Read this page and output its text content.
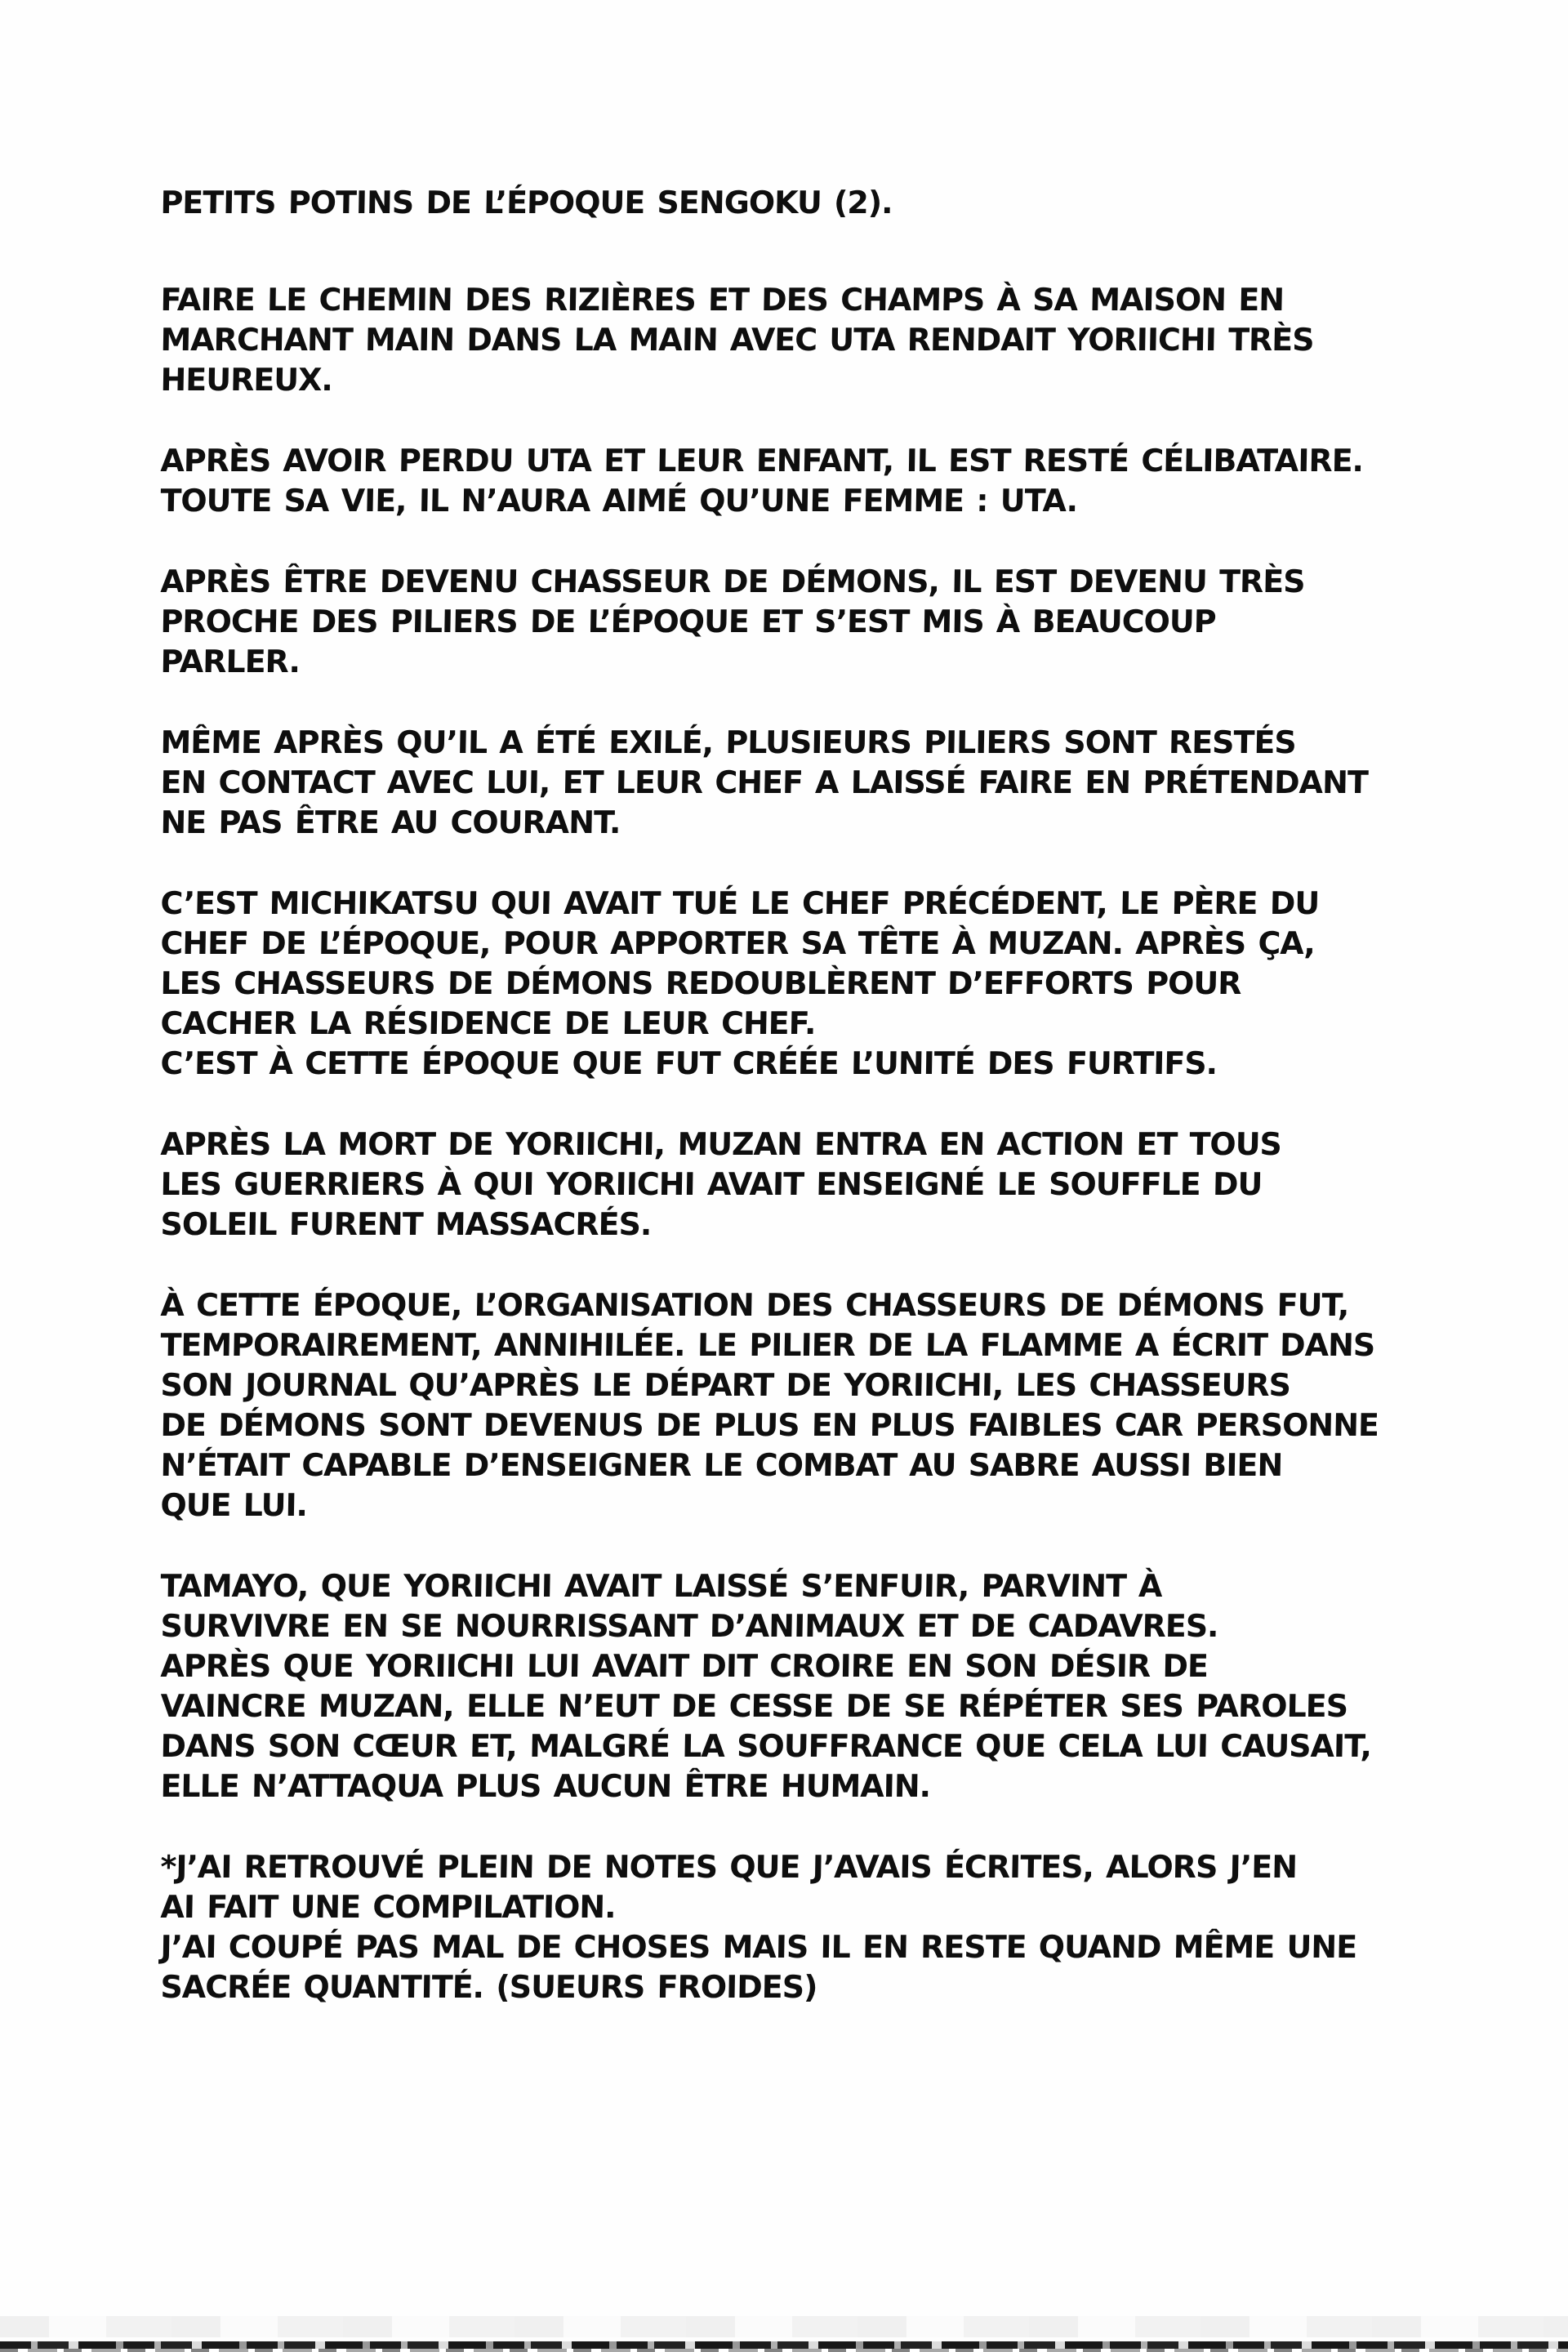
PETITS POTINS DE L’ÉPOQUE SENGOKU (2).
FAIRE LE CHEMIN DES RIZIÈRES ET DES CHAMPS À SA MAISON EN
MARCHANT MAIN DANS LA MAIN AVEC UTA RENDAIT YORIICHI TRÈS
HEUREUX.
APRÈS AVOIR PERDU UTA ET LEUR ENFANT, IL EST RESTÉ CÉLIBATAIRE.
TOUTE SA VIE, IL N’AURA AIMÉ QU’UNE FEMME : UTA.
APRÈS ÊTRE DEVENU CHASSEUR DE DÉMONS, IL EST DEVENU TRÈS
PROCHE DES PILIERS DE L’ÉPOQUE ET S’EST MIS À BEAUCOUP
PARLER.
MÊME APRÈS QU’IL A ÉTÉ EXILÉ, PLUSIEURS PILIERS SONT RESTÉS
EN CONTACT AVEC LUI, ET LEUR CHEF A LAISSÉ FAIRE EN PRÉTENDANT
NE PAS ÊTRE AU COURANT.
C’EST MICHIKATSU QUI AVAIT TUÉ LE CHEF PRÉCÉDENT, LE PÈRE DU
CHEF DE L’ÉPOQUE, POUR APPORTER SA TÊTE À MUZAN. APRÈS ÇA,
LES CHASSEURS DE DÉMONS REDOUBLÈRENT D’EFFORTS POUR
CACHER LA RÉSIDENCE DE LEUR CHEF.
C’EST À CETTE ÉPOQUE QUE FUT CRÉÉE L’UNITÉ DES FURTIFS.
APRÈS LA MORT DE YORIICHI, MUZAN ENTRA EN ACTION ET TOUS
LES GUERRIERS À QUI YORIICHI AVAIT ENSEIGNÉ LE SOUFFLE DU
SOLEIL FURENT MASSACRÉS.
À CETTE ÉPOQUE, L’ORGANISATION DES CHASSEURS DE DÉMONS FUT,
TEMPORAIREMENT, ANNIHILÉE. LE PILIER DE LA FLAMME A ÉCRIT DANS
SON JOURNAL QU’APRÈS LE DÉPART DE YORIICHI, LES CHASSEURS
DE DÉMONS SONT DEVENUS DE PLUS EN PLUS FAIBLES CAR PERSONNE
N’ÉTAIT CAPABLE D’ENSEIGNER LE COMBAT AU SABRE AUSSI BIEN
QUE LUI.
TAMAYO, QUE YORIICHI AVAIT LAISSÉ S’ENFUIR, PARVINT À
SURVIVRE EN SE NOURRISSANT D’ANIMAUX ET DE CADAVRES.
APRÈS QUE YORIICHI LUI AVAIT DIT CROIRE EN SON DÉSIR DE
VAINCRE MUZAN, ELLE N’EUT DE CESSE DE SE RÉPÉTER SES PAROLES
DANS SON CŒUR ET, MALGRÉ LA SOUFFRANCE QUE CELA LUI CAUSAIT,
ELLE N’ATTAQUA PLUS AUCUN ÊTRE HUMAIN.
*J’AI RETROUVÉ PLEIN DE NOTES QUE J’AVAIS ÉCRITES, ALORS J’EN
AI FAIT UNE COMPILATION.
J’AI COUPÉ PAS MAL DE CHOSES MAIS IL EN RESTE QUAND MÊME UNE
SACRÉE QUANTITÉ. (SUEURS FROIDES)
